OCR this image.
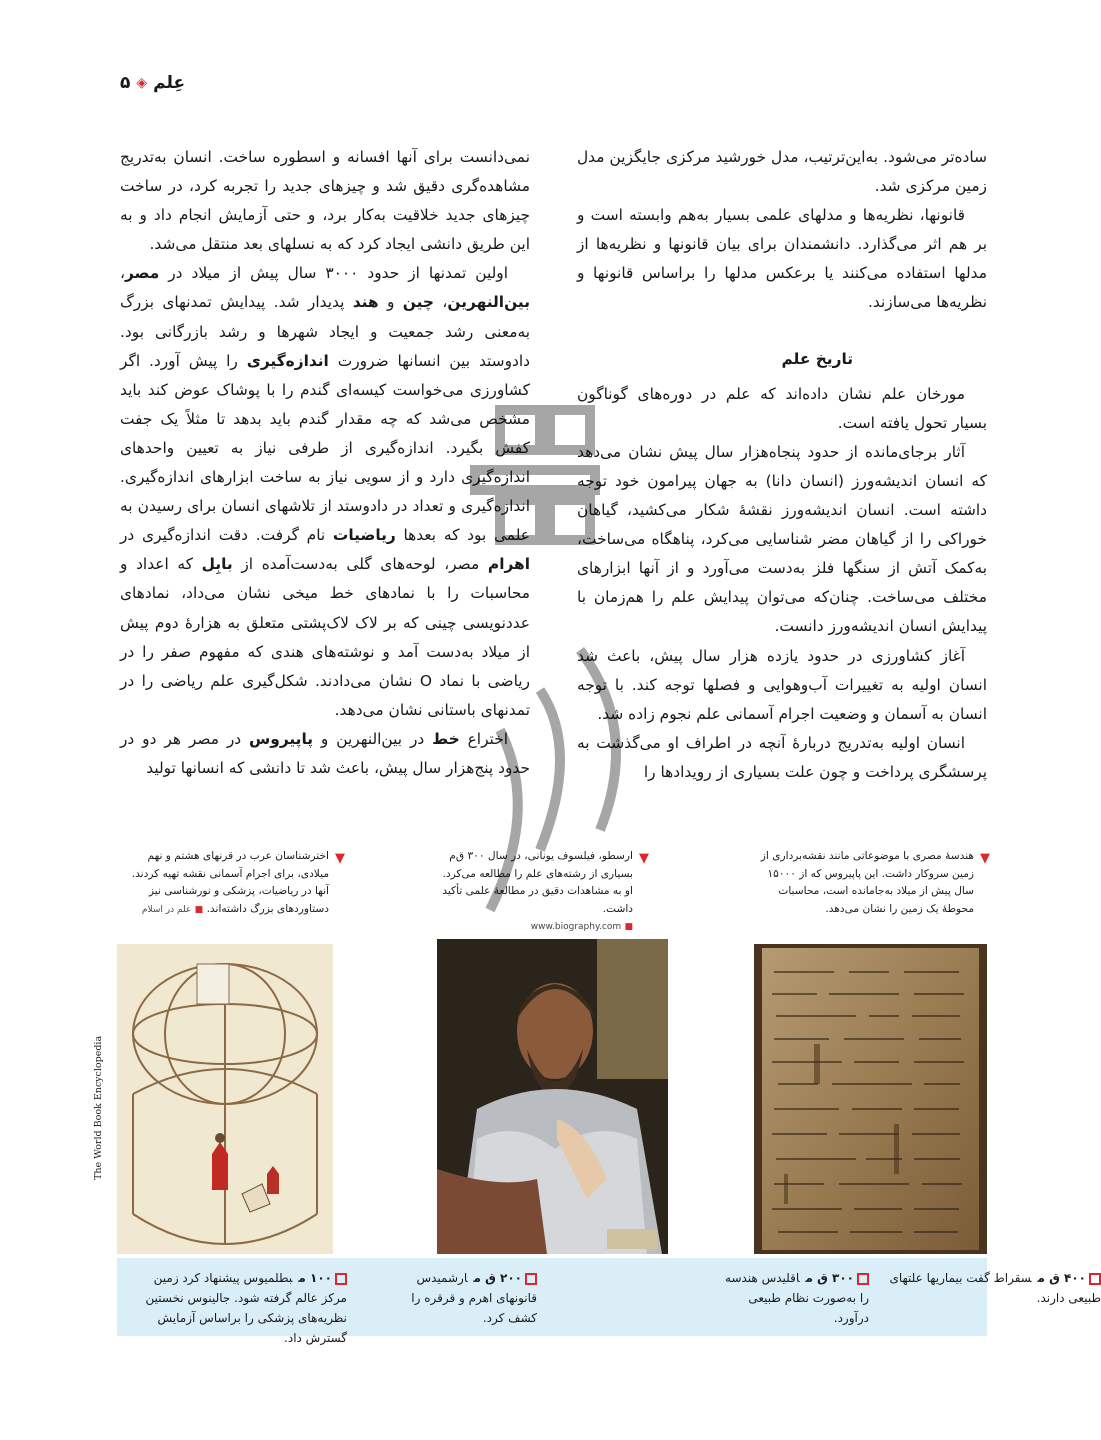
عِلم
◈
۵

ساده‌تر می‌شود. به‌این‌ترتیب، مدل خورشید مرکزی جایگزین مدل زمین مرکزی شد.

قانونها، نظریه‌ها و مدلهای علمی بسیار به‌هم وابسته است و بر هم اثر می‌گذارد. دانشمندان برای بیان قانونها و نظریه‌ها از مدلها استفاده می‌کنند یا برعکس مدلها را براساس قانونها و نظریه‌ها می‌سازند.

تاریخ علم

مورخان علم نشان داده‌اند که علم در دوره‌های گوناگون بسیار تحول یافته است.

آثار برجای‌مانده از حدود پنجاه‌هزار سال پیش نشان می‌دهد که انسان اندیشه‌ورز (انسان دانا) به جهان پیرامون خود توجه داشته است. انسان اندیشه‌ورز نقشهٔ شکار می‌کشید، گیاهان خوراکی را از گیاهان مضر شناسایی می‌کرد، پناهگاه می‌ساخت، به‌کمک آتش از سنگها فلز به‌دست می‌آورد و از آنها ابزارهای مختلف می‌ساخت. چنان‌که می‌توان پیدایش علم را هم‌زمان با پیدایش انسان اندیشه‌ورز دانست.

آغاز کشاورزی در حدود یازده هزار سال پیش، باعث شد انسان اولیه به تغییرات آب‌وهوایی و فصلها توجه کند. با توجه انسان به آسمان و وضعیت اجرام آسمانی علم نجوم زاده شد.

انسان اولیه به‌تدریج دربارهٔ آنچه در اطراف او می‌گذشت به پرسشگری پرداخت و چون علت بسیاری از رویدادها را

نمی‌دانست برای آنها افسانه و اسطوره ساخت. انسان به‌تدریج مشاهده‌گری دقیق شد و چیزهای جدید را تجربه کرد، در ساخت چیزهای جدید خلاقیت به‌کار برد، و حتی آزمایش انجام داد و به این طریق دانشی ایجاد کرد که به نسلهای بعد منتقل می‌شد.

اولین تمدنها از حدود ۳۰۰۰ سال پیش از میلاد در مصر، بین‌النهرین، چین و هند پدیدار شد. پیدایش تمدنهای بزرگ به‌معنی رشد جمعیت و ایجاد شهرها و رشد بازرگانی بود. دادوستد بین انسانها ضرورت اندازه‌گیری را پیش آورد. اگر کشاورزی می‌خواست کیسه‌ای گندم را با پوشاک عوض کند باید مشخص می‌شد که چه مقدار گندم باید بدهد تا مثلاً یک جفت کفش بگیرد. اندازه‌گیری از طرفی نیاز به تعیین واحدهای اندازه‌گیری دارد و از سویی نیاز به ساخت ابزارهای اندازه‌گیری. اندازه‌گیری و تعداد در دادوستد از تلاشهای انسان برای رسیدن به علمی بود که بعدها ریاضیات نام گرفت. دقت اندازه‌گیری در اهرام مصر، لوحه‌های گلی به‌دست‌آمده از بابِل که اعداد و محاسبات را با نمادهای خط میخی نشان می‌داد، نمادهای عددنویسی چینی که بر لاک لاک‌پشتی متعلق به هزارهٔ دوم پیش از میلاد به‌دست آمد و نوشته‌های هندی که مفهوم صفر را در ریاضی با نماد O نشان می‌دادند. شکل‌گیری علم ریاضی را در تمدنهای باستانی نشان می‌دهد.

اختراع خط در بین‌النهرین و پاپیروس در مصر هر دو در حدود پنج‌هزار سال پیش، باعث شد تا دانشی که انسانها تولید

▼
هندسهٔ مصری با موضوعاتی مانند نقشه‌برداری از زمین سروکار داشت. این پاپیروس که از ۱۵۰۰۰ سال پیش از میلاد به‌جامانده است، محاسبات محوطهٔ یک زمین را نشان می‌دهد.
▼
ارسطو، فیلسوف یونانی، در سال ۳۰۰ ق‌م بسیاری از رشته‌های علم را مطالعه می‌کرد. او به مشاهدات دقیق در مطالعهٔ علمی تأکید داشت.
■ www.biography.com
▼
اخترشناسان عرب در قرنهای هشتم و نهم میلادی، برای اجرام آسمانی نقشه تهیه کردند. آنها در ریاضیات، پزشکی و نورشناسی نیز دستاوردهای بزرگ داشته‌اند. ■ علم در اسلام
The World Book Encyclopedia
۴۰۰ ق مسقراط گفت بیماریها علتهای طبیعی دارند.
۳۰۰ ق ماقلیدس هندسه را به‌صورت نظام طبیعی درآورد.
۲۰۰ ق مارشمیدس قانونهای اهرم و قرقره را کشف کرد.
۱۰۰ مبطلمیوس پیشنهاد کرد زمین مرکز عالم گرفته شود. جالینوس نخستین نظریه‌های پزشکی را براساس آزمایش گسترش داد.
